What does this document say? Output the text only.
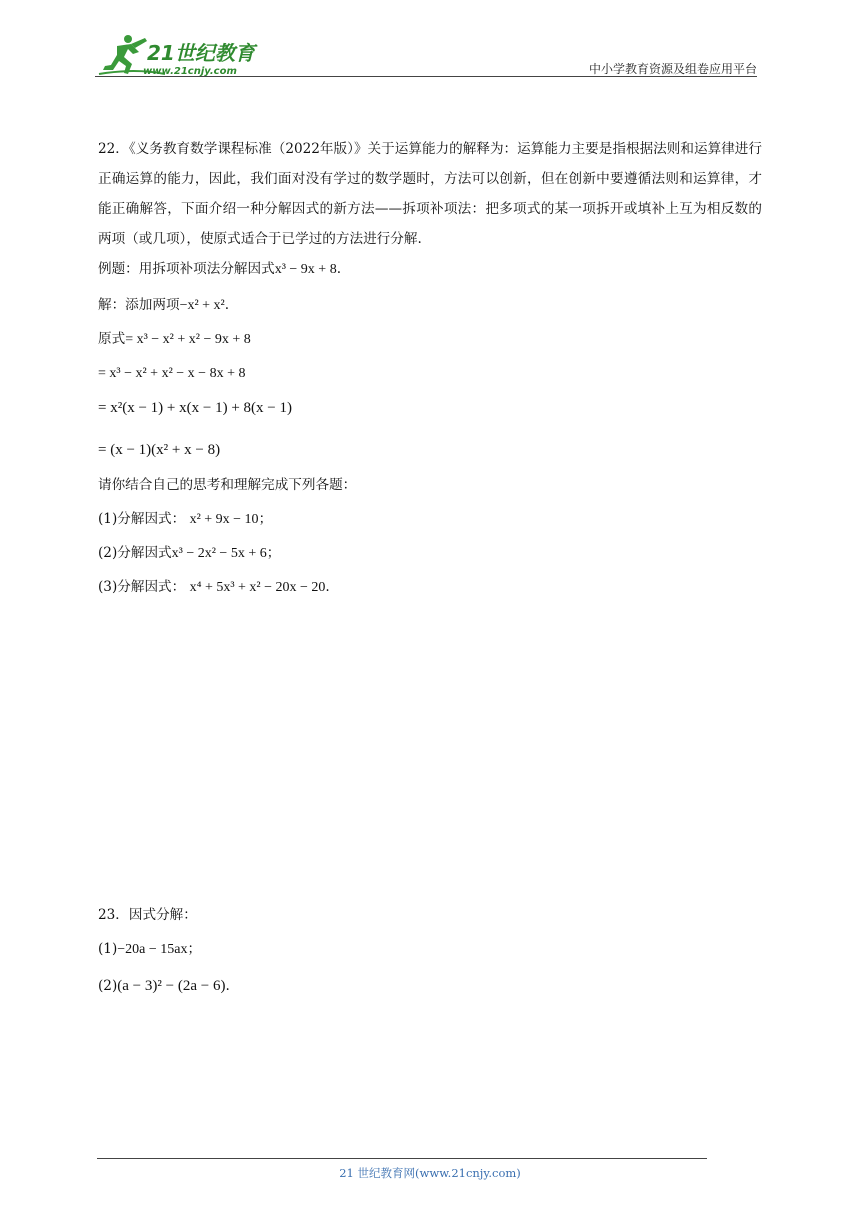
21世纪教育
www.21cnjy.com	中小学教育资源及组卷应用平台

22．《义务教育数学课程标准（2022年版）》关于运算能力的解释为：运算能力主要是指根据法则和运算律进行正确运算的能力，因此，我们面对没有学过的数学题时，方法可以创新，但在创新中要遵循法则和运算律，才能正确解答，下面介绍一种分解因式的新方法——拆项补项法：把多项式的某一项拆开或填补上互为相反数的两项（或几项），使原式适合于已学过的方法进行分解.

例题：用拆项补项法分解因式x³ − 9x + 8.

解：添加两项−x² + x².

原式= x³ − x² + x² − 9x + 8

= x³ − x² + x² − x − 8x + 8

= x²(x − 1) + x(x − 1) + 8(x − 1)

= (x − 1)(x² + x − 8)

请你结合自己的思考和理解完成下列各题：

(1)分解因式： x² + 9x − 10；

(2)分解因式x³ − 2x² − 5x + 6；

(3)分解因式： x⁴ + 5x³ + x² − 20x − 20.

23．因式分解：

(1)−20a − 15ax；

(2)(a − 3)² − (2a − 6).

21 世纪教育网(www.21cnjy.com)
